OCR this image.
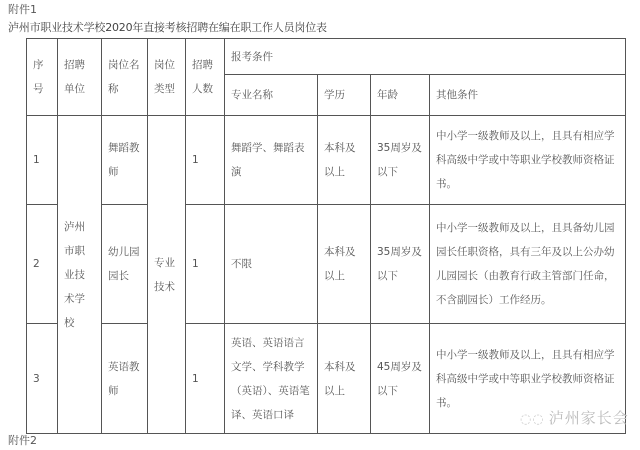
附件1
泸州市职业技术学校2020年直接考核招聘在编在职工作人员岗位表
序号	招聘单位	岗位名称	岗位类型	招聘人数	报考条件			
					专业名称	学历	年龄	其他条件
1	泸州市职业技术学校	舞蹈教师	专业技术	1	舞蹈学、舞蹈表演	本科及以上	35周岁及以下	中小学一级教师及以上，且具有相应学科高级中学或中等职业学校教师资格证书。
2		幼儿园园长		1	不限	本科及以上	35周岁及以下	中小学一级教师及以上，且具备幼儿园园长任职资格，具有三年及以上公办幼儿园园长（由教育行政主管部门任命，不含副园长）工作经历。
3		英语教师		1	英语、英语语言文学、学科教学（英语）、英语笔译、英语口译	本科及以上	45周岁及以下	中小学一级教师及以上，且具有相应学科高级中学或中等职业学校教师资格证书。
◌◌ 泸州家长会
附件2
